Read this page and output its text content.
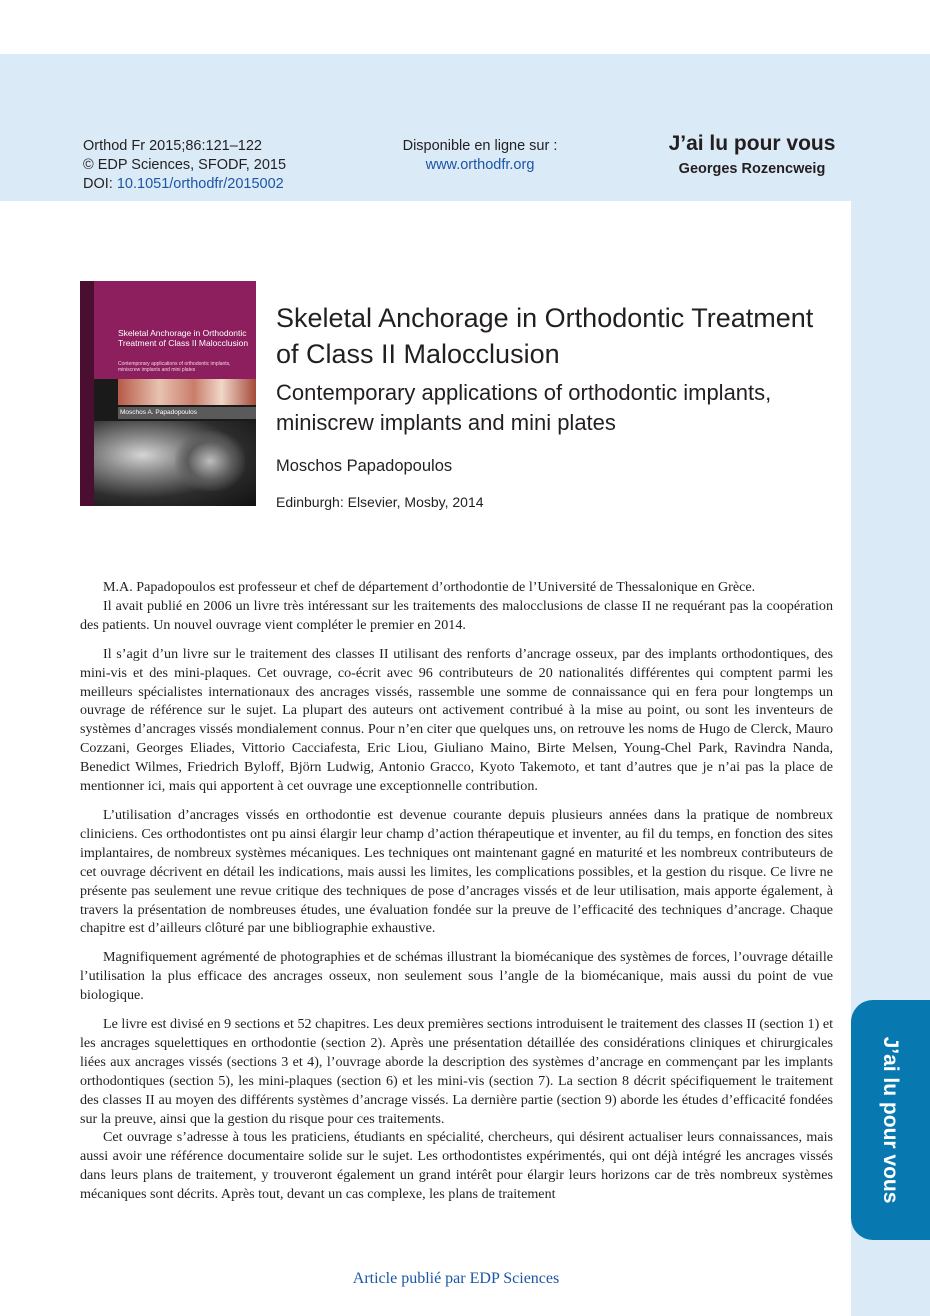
Orthod Fr 2015;86:121–122
© EDP Sciences, SFODF, 2015
DOI: 10.1051/orthodfr/2015002
Disponible en ligne sur :
www.orthodfr.org
J’ai lu pour vous
Georges Rozencweig
Skeletal Anchorage in Orthodontic Treatment of Class II Malocclusion
Contemporary applications of orthodontic implants, miniscrew implants and mini plates
Moschos A. Papadopoulos
Skeletal Anchorage in Orthodontic Treatment of Class II Malocclusion
Contemporary applications of orthodontic implants, miniscrew implants and mini plates
Moschos Papadopoulos
Edinburgh: Elsevier, Mosby, 2014

M.A. Papadopoulos est professeur et chef de département d’orthodontie de l’Université de Thessalonique en Grèce.

Il avait publié en 2006 un livre très intéressant sur les traitements des malocclusions de classe II ne requérant pas la coopération des patients. Un nouvel ouvrage vient compléter le premier en 2014.

Il s’agit d’un livre sur le traitement des classes II utilisant des renforts d’ancrage osseux, par des implants orthodontiques, des mini-vis et des mini-plaques. Cet ouvrage, co-écrit avec 96 contributeurs de 20 nationalités différentes qui comptent parmi les meilleurs spécialistes internationaux des ancrages vissés, rassemble une somme de connaissance qui en fera pour longtemps un ouvrage de référence sur le sujet. La plupart des auteurs ont activement contribué à la mise au point, ou sont les inventeurs de systèmes d’ancrages vissés mondialement connus. Pour n’en citer que quelques uns, on retrouve les noms de Hugo de Clerck, Mauro Cozzani, Georges Eliades, Vittorio Cacciafesta, Eric Liou, Giuliano Maino, Birte Melsen, Young-Chel Park, Ravindra Nanda, Benedict Wilmes, Friedrich Byloff, Björn Ludwig, Antonio Gracco, Kyoto Takemoto, et tant d’autres que je n’ai pas la place de mentionner ici, mais qui apportent à cet ouvrage une exceptionnelle contribution.

L’utilisation d’ancrages vissés en orthodontie est devenue courante depuis plusieurs années dans la pratique de nombreux cliniciens. Ces orthodontistes ont pu ainsi élargir leur champ d’action thérapeutique et inventer, au fil du temps, en fonction des sites implantaires, de nombreux systèmes mécaniques. Les techniques ont maintenant gagné en maturité et les nombreux contributeurs de cet ouvrage décrivent en détail les indications, mais aussi les limites, les complications possibles, et la gestion du risque. Ce livre ne présente pas seulement une revue critique des techniques de pose d’ancrages vissés et de leur utilisation, mais apporte également, à travers la présentation de nombreuses études, une évaluation fondée sur la preuve de l’efficacité des techniques d’ancrage. Chaque chapitre est d’ailleurs clôturé par une bibliographie exhaustive.

Magnifiquement agrémenté de photographies et de schémas illustrant la biomécanique des systèmes de forces, l’ouvrage détaille l’utilisation la plus efficace des ancrages osseux, non seulement sous l’angle de la biomécanique, mais aussi du point de vue biologique.

Le livre est divisé en 9 sections et 52 chapitres. Les deux premières sections introduisent le traitement des classes II (section 1) et les ancrages squelettiques en orthodontie (section 2). Après une présentation détaillée des considérations cliniques et chirurgicales liées aux ancrages vissés (sections 3 et 4), l’ouvrage aborde la description des systèmes d’ancrage en commençant par les implants orthodontiques (section 5), les mini-plaques (section 6) et les mini-vis (section 7). La section 8 décrit spécifiquement le traitement des classes II au moyen des différents systèmes d’ancrage vissés. La dernière partie (section 9) aborde les études d’efficacité fondées sur la preuve, ainsi que la gestion du risque pour ces traitements.

Cet ouvrage s’adresse à tous les praticiens, étudiants en spécialité, chercheurs, qui désirent actualiser leurs connaissances, mais aussi avoir une référence documentaire solide sur le sujet. Les orthodontistes expérimentés, qui ont déjà intégré les ancrages vissés dans leurs plans de traitement, y trouveront également un grand intérêt pour élargir leurs horizons car de très nombreux systèmes mécaniques sont décrits. Après tout, devant un cas complexe, les plans de traitement	J’ai lu pour vous
Article publié par EDP Sciences
